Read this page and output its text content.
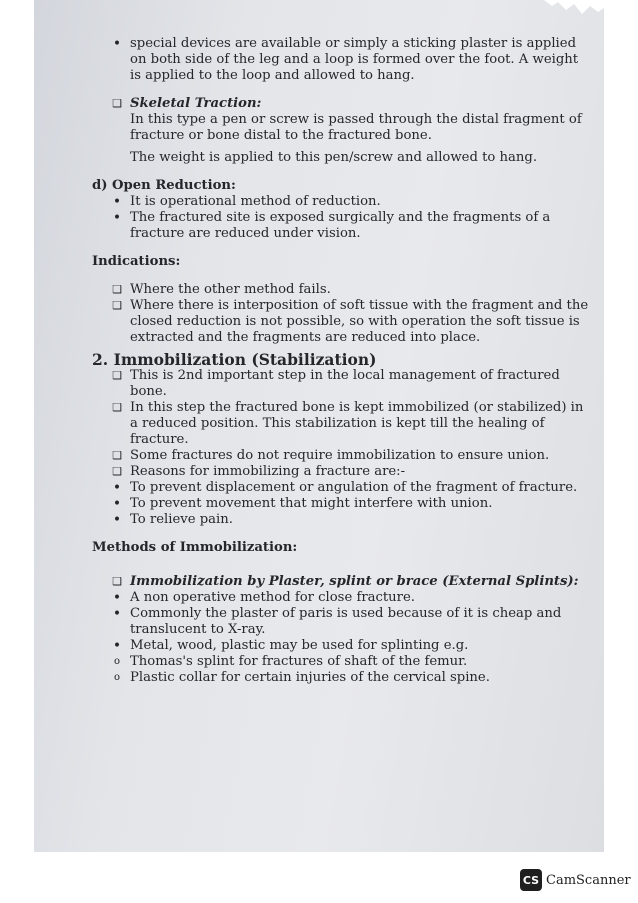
• special devices are available or simply a sticking plaster is applied on both side of the leg and a loop is formed over the foot. A weight is applied to the loop and allowed to hang.
❑ Skeletal Traction:

In this type a pen or screw is passed through the distal fragment of fracture or bone distal to the fractured bone.

The weight is applied to this pen/screw and allowed to hang.

d) Open Reduction:

• It is operational method of reduction.
• The fractured site is exposed surgically and the fragments of a fracture are reduced under vision.

Indications:

❑ Where the other method fails.
❑ Where there is interposition of soft tissue with the fragment and the closed reduction is not possible, so with operation the soft tissue is extracted and the fragments are reduced into place.

2. Immobilization (Stabilization)

❑ This is 2nd important step in the local management of fractured bone.
❑ In this step the fractured bone is kept immobilized (or stabilized) in a reduced position. This stabilization is kept till the healing of fracture.
❑ Some fractures do not require immobilization to ensure union.
❑ Reasons for immobilizing a fracture are:-
• To prevent displacement or angulation of the fragment of fracture.
• To prevent movement that might interfere with union.
• To relieve pain.

Methods of Immobilization:

❑ Immobilization by Plaster, splint or brace (External Splints):
• A non operative method for close fracture.
• Commonly the plaster of paris is used because of it is cheap and translucent to X-ray.
• Metal, wood, plastic may be used for splinting e.g.
o Thomas's splint for fractures of shaft of the femur.
o Plastic collar for certain injuries of the cervical spine.
CS CamScanner
